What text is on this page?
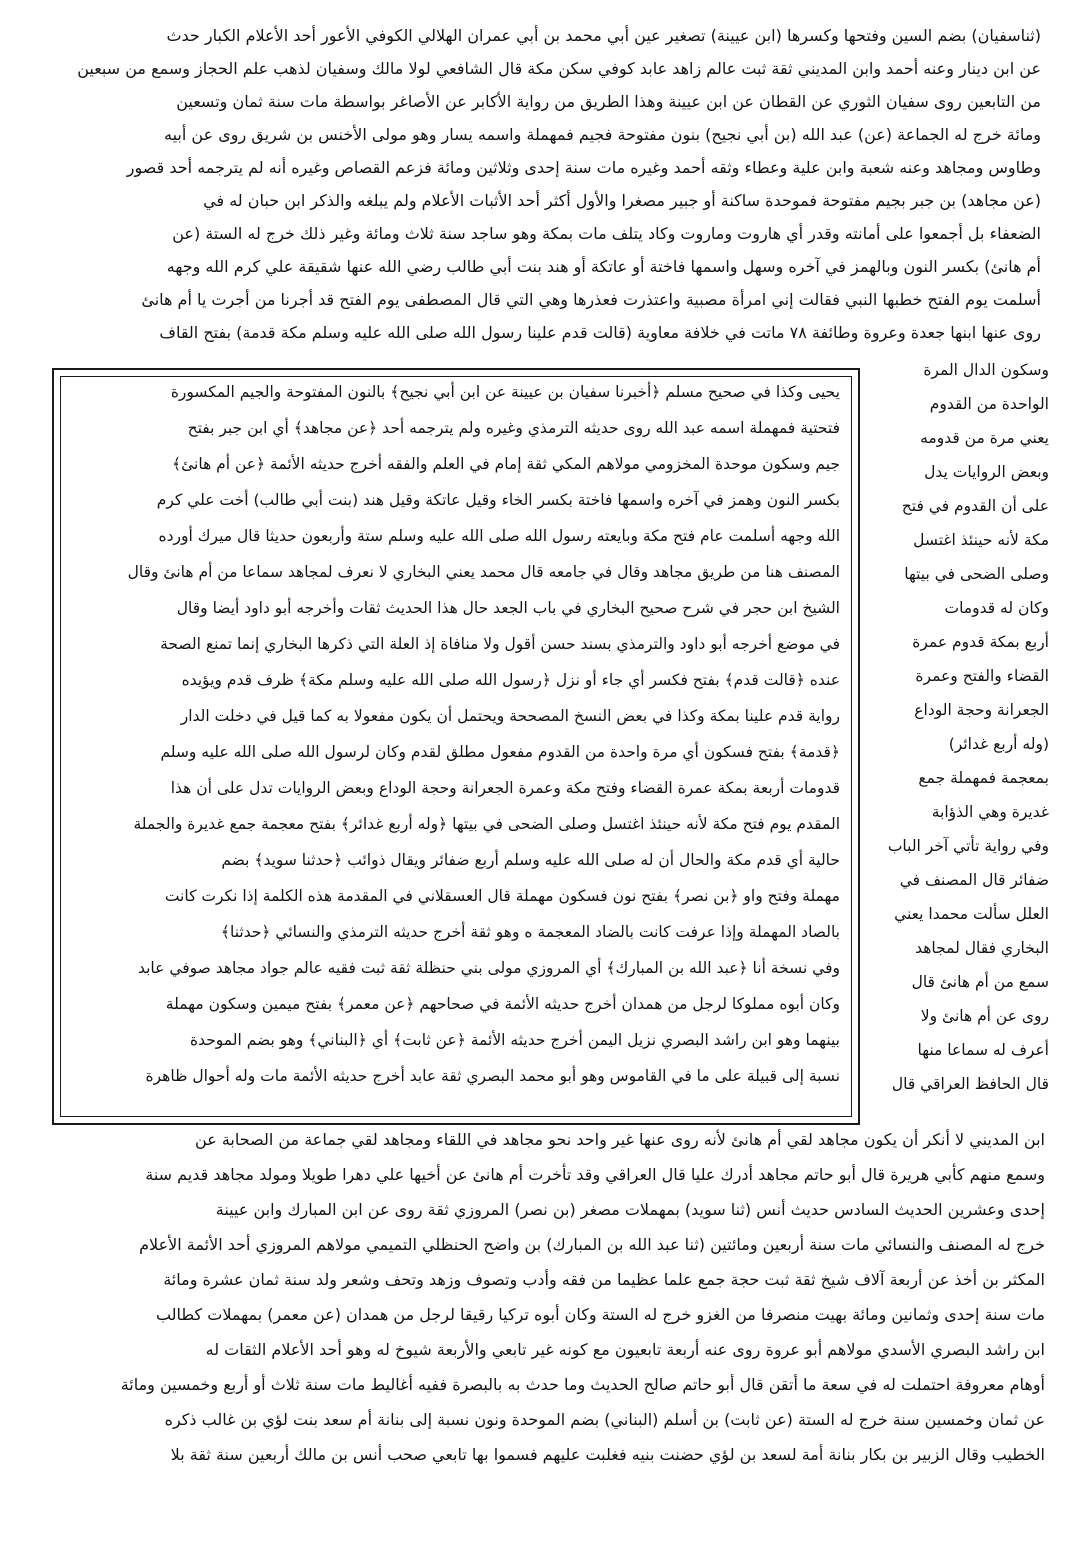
(ثناسفيان) بضم السين وفتحها وكسرها (ابن عيينة) تصغير عين أبي محمد بن أبي عمران الهلالي الكوفي الأعور أحد الأعلام الكبار حدث
عن ابن دينار وعنه أحمد وابن المديني ثقة ثبت عالم زاهد عابد كوفي سكن مكة قال الشافعي لولا مالك وسفيان لذهب علم الحجاز وسمع من سبعين
من التابعين روى سفيان الثوري عن القطان عن ابن عيينة وهذا الطريق من رواية الأكابر عن الأصاغر بواسطة مات سنة ثمان وتسعين
ومائة خرج له الجماعة (عن) عبد الله (بن أبي نجيح) بنون مفتوحة فجيم فمهملة واسمه يسار وهو مولى الأخنس بن شريق روى عن أبيه
وطاوس ومجاهد وعنه شعبة وابن علية وعطاء وثقه أحمد وغيره مات سنة إحدى وثلاثين ومائة فزعم القصاص وغيره أنه لم يترجمه أحد قصور
(عن مجاهد) بن جبر بجيم مفتوحة فموحدة ساكنة أو جبير مصغرا والأول أكثر أحد الأثبات الأعلام ولم يبلغه والذكر ابن حبان له في
الضعفاء بل أجمعوا على أمانته وقدر أي هاروت وماروت وكاد يتلف مات بمكة وهو ساجد سنة ثلاث ومائة وغير ذلك خرج له الستة (عن
أم هانئ) بكسر النون وبالهمز في آخره وسهل واسمها فاختة أو عاتكة أو هند بنت أبي طالب رضي الله عنها شقيقة علي كرم الله وجهه
أسلمت يوم الفتح خطبها النبي فقالت إني امرأة مصبية واعتذرت فعذرها وهي التي قال المصطفى يوم الفتح قد أجرنا من أجرت يا أم هانئ
روى عنها ابنها جعدة وعروة وطائفة ٧٨ ماتت في خلافة معاوية (قالت قدم علينا رسول الله صلى الله عليه وسلم مكة قدمة) بفتح القاف
وسكون الدال المرة
الواحدة من القدوم
يعني مرة من قدومه
وبعض الروايات يدل
على أن القدوم في فتح
مكة لأنه حينئذ اغتسل
وصلى الضحى في بيتها
وكان له قدومات
أربع بمكة قدوم عمرة
القضاء والفتح وعمرة
الجعرانة وحجة الوداع
(وله أربع غدائر)
بمعجمة فمهملة جمع
غديرة وهي الذؤابة
وفي رواية تأتي آخر الباب
ضفائر قال المصنف في
العلل سألت محمدا يعني
البخاري فقال لمجاهد
سمع من أم هانئ قال
روى عن أم هانئ ولا
أعرف له سماعا منها
قال الحافظ العراقي قال
يحيى وكذا في صحيح مسلم ﴿أخبرنا سفيان بن عيينة عن ابن أبي نجيح﴾ بالنون المفتوحة والجيم المكسورة
فتحتية فمهملة اسمه عبد الله روى حديثه الترمذي وغيره ولم يترجمه أحد ﴿عن مجاهد﴾ أي ابن جبر بفتح
جيم وسكون موحدة المخزومي مولاهم المكي ثقة إمام في العلم والفقه أخرج حديثه الأئمة ﴿عن أم هانئ﴾
بكسر النون وهمز في آخره واسمها فاختة بكسر الخاء وقيل عاتكة وقيل هند (بنت أبي طالب) أخت علي كرم
الله وجهه أسلمت عام فتح مكة وبايعته رسول الله صلى الله عليه وسلم ستة وأربعون حديثا قال ميرك أورده
المصنف هنا من طريق مجاهد وقال في جامعه قال محمد يعني البخاري لا نعرف لمجاهد سماعا من أم هانئ وقال
الشيخ ابن حجر في شرح صحيح البخاري في باب الجعد حال هذا الحديث ثقات وأخرجه أبو داود أيضا وقال
في موضع أخرجه أبو داود والترمذي بسند حسن أقول ولا منافاة إذ العلة التي ذكرها البخاري إنما تمنع الصحة
عنده ﴿قالت قدم﴾ بفتح فكسر أي جاء أو نزل ﴿رسول الله صلى الله عليه وسلم مكة﴾ ظرف قدم ويؤيده
رواية قدم علينا بمكة وكذا في بعض النسخ المصححة ويحتمل أن يكون مفعولا به كما قيل في دخلت الدار
﴿قدمة﴾ بفتح فسكون أي مرة واحدة من القدوم مفعول مطلق لقدم وكان لرسول الله صلى الله عليه وسلم
قدومات أربعة بمكة عمرة القضاء وفتح مكة وعمرة الجعرانة وحجة الوداع وبعض الروايات تدل على أن هذا
المقدم يوم فتح مكة لأنه حينئذ اغتسل وصلى الضحى في بيتها ﴿وله أربع غدائر﴾ بفتح معجمة جمع غديرة والجملة
حالية أي قدم مكة والحال أن له صلى الله عليه وسلم أربع ضفائر ويقال ذوائب ﴿حدثنا سويد﴾ بضم
مهملة وفتح واو ﴿بن نصر﴾ بفتح نون فسكون مهملة قال العسقلاني في المقدمة هذه الكلمة إذا نكرت كانت
بالصاد المهملة وإذا عرفت كانت بالضاد المعجمة ه وهو ثقة أخرج حديثه الترمذي والنسائي ﴿حدثنا﴾
وفي نسخة أنا ﴿عبد الله بن المبارك﴾ أي المروزي مولى بني حنظلة ثقة ثبت فقيه عالم جواد مجاهد صوفي عابد
وكان أبوه مملوكا لرجل من همدان أخرج حديثه الأئمة في صحاحهم ﴿عن معمر﴾ بفتح ميمين وسكون مهملة
بينهما وهو ابن راشد البصري نزيل اليمن أخرج حديثه الأئمة ﴿عن ثابت﴾ أي ﴿البناني﴾ وهو بضم الموحدة
نسبة إلى قبيلة على ما في القاموس وهو أبو محمد البصري ثقة عابد أخرج حديثه الأئمة مات وله أحوال ظاهرة
ابن المديني لا أنكر أن يكون مجاهد لقي أم هانئ لأنه روى عنها غير واحد نحو مجاهد في اللقاء ومجاهد لقي جماعة من الصحابة عن
وسمع منهم كأبي هريرة قال أبو حاتم مجاهد أدرك عليا قال العراقي وقد تأخرت أم هانئ عن أخيها علي دهرا طويلا ومولد مجاهد قديم سنة
إحدى وعشرين الحديث السادس حديث أنس (ثنا سويد) بمهملات مصغر (بن نصر) المروزي ثقة روى عن ابن المبارك وابن عيينة
خرج له المصنف والنسائي مات سنة أربعين ومائتين (ثنا عبد الله بن المبارك) بن واضح الحنظلي التميمي مولاهم المروزي أحد الأئمة الأعلام
المكثر بن أخذ عن أربعة آلاف شيخ ثقة ثبت حجة جمع علما عظيما من فقه وأدب وتصوف وزهد وتحف وشعر ولد سنة ثمان عشرة ومائة
مات سنة إحدى وثمانين ومائة بهيت منصرفا من الغزو خرج له الستة وكان أبوه تركيا رقيقا لرجل من همدان (عن معمر) بمهملات كطالب
ابن راشد البصري الأسدي مولاهم أبو عروة روى عنه أربعة تابعيون مع كونه غير تابعي والأربعة شيوخ له وهو أحد الأعلام الثقات له
أوهام معروفة احتملت له في سعة ما أتقن قال أبو حاتم صالح الحديث وما حدث به بالبصرة ففيه أغاليط مات سنة ثلاث أو أربع وخمسين ومائة
عن ثمان وخمسين سنة خرج له الستة (عن ثابت) بن أسلم (البناني) بضم الموحدة ونون نسبة إلى بنانة أم سعد بنت لؤي بن غالب ذكره
الخطيب وقال الزبير بن بكار بنانة أمة لسعد بن لؤي حضنت بنيه فغلبت عليهم فسموا بها تابعي صحب أنس بن مالك أربعين سنة ثقة بلا
